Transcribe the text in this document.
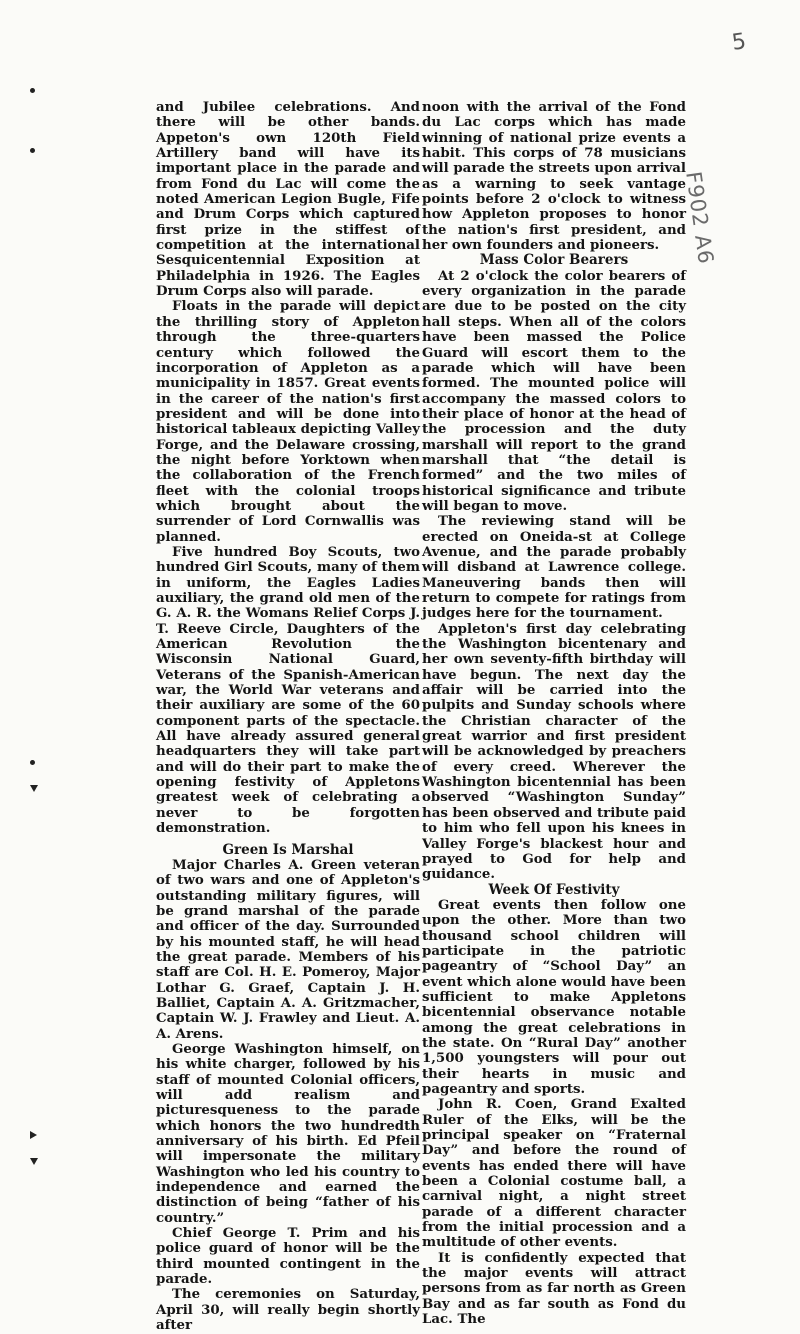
5
F902 A6

and Jubilee celebrations. And there will be other bands. Appeton's own 120th Field Artillery band will have its important place in the parade and from Fond du Lac will come the noted American Legion Bugle, Fife and Drum Corps which captured first prize in the stiffest of competition at the international Sesquicentennial Exposition at Philadelphia in 1926. The Eagles Drum Corps also will parade.

Floats in the parade will depict the thrilling story of Appleton through the three-quarters century which followed the incorporation of Appleton as a municipality in 1857. Great events in the career of the nation's first president and will be done into historical tableaux depicting Valley Forge, and the Delaware crossing, the night before Yorktown when the collaboration of the French fleet with the colonial troops which brought about the surrender of Lord Cornwallis was planned.

Five hundred Boy Scouts, two hundred Girl Scouts, many of them in uniform, the Eagles Ladies auxiliary, the grand old men of the G. A. R. the Womans Relief Corps J. T. Reeve Circle, Daughters of the American Revolution the Wisconsin National Guard, Veterans of the Spanish-American war, the World War veterans and their auxiliary are some of the 60 component parts of the spectacle. All have already assured general headquarters they will take part and will do their part to make the opening festivity of Appletons greatest week of celebrating a never to be forgotten demonstration.

Green Is Marshal

Major Charles A. Green veteran of two wars and one of Appleton's outstanding military figures, will be grand marshal of the parade and officer of the day. Surrounded by his mounted staff, he will head the great parade. Members of his staff are Col. H. E. Pomeroy, Major Lothar G. Graef, Captain J. H. Balliet, Captain A. A. Gritzmacher, Captain W. J. Frawley and Lieut. A. A. Arens.

George Washington himself, on his white charger, followed by his staff of mounted Colonial officers, will add realism and picturesqueness to the parade which honors the two hundredth anniversary of his birth. Ed Pfeil will impersonate the military Washington who led his country to independence and earned the distinction of being “father of his country.”

Chief George T. Prim and his police guard of honor will be the third mounted contingent in the parade.

The ceremonies on Saturday, April 30, will really begin shortly after

noon with the arrival of the Fond du Lac corps which has made winning of national prize events a habit. This corps of 78 musicians will parade the streets upon arrival as a warning to seek vantage points before 2 o'clock to witness how Appleton proposes to honor the nation's first president, and her own founders and pioneers.

Mass Color Bearers

At 2 o'clock the color bearers of every organization in the parade are due to be posted on the city hall steps. When all of the colors have been massed the Police Guard will escort them to the parade which will have been formed. The mounted police will accompany the massed colors to their place of honor at the head of the procession and the duty marshall will report to the grand marshall that “the detail is formed” and the two miles of historical significance and tribute will began to move.

The reviewing stand will be erected on Oneida-st at College Avenue, and the parade probably will disband at Lawrence college. Maneuvering bands then will return to compete for ratings from judges here for the tournament.

Appleton's first day celebrating the Washington bicentenary and her own seventy-fifth birthday will have begun. The next day the affair will be carried into the pulpits and Sunday schools where the Christian character of the great warrior and first president will be acknowledged by preachers of every creed. Wherever the Washington bicentennial has been observed “Washington Sunday” has been observed and tribute paid to him who fell upon his knees in Valley Forge's blackest hour and prayed to God for help and guidance.

Week Of Festivity

Great events then follow one upon the other. More than two thousand school children will participate in the patriotic pageantry of “School Day” an event which alone would have been sufficient to make Appletons bicentennial observance notable among the great celebrations in the state. On “Rural Day” another 1,500 youngsters will pour out their hearts in music and pageantry and sports.

John R. Coen, Grand Exalted Ruler of the Elks, will be the principal speaker on “Fraternal Day” and before the round of events has ended there will have been a Colonial costume ball, a carnival night, a night street parade of a different character from the initial procession and a multitude of other events.

It is confidently expected that the major events will attract persons from as far north as Green Bay and as far south as Fond du Lac. The
